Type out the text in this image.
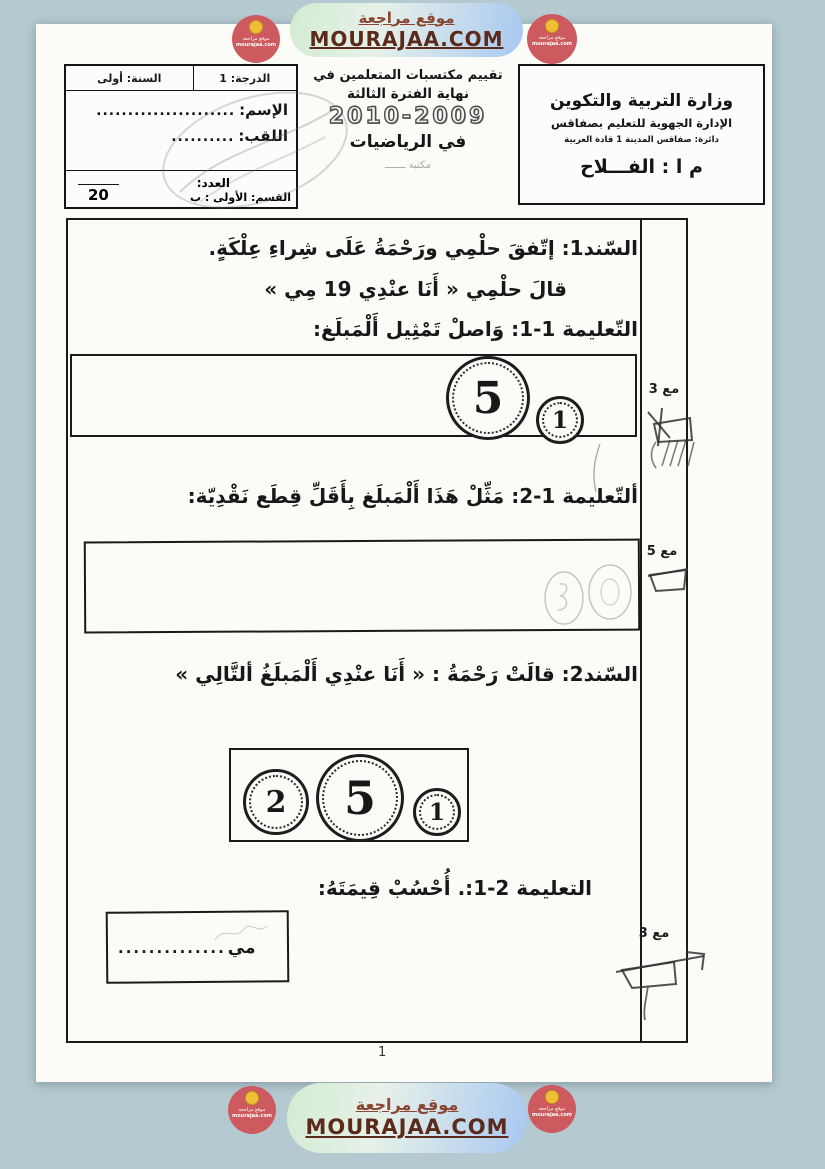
موقع مراجعة
MOURAJAA.COM
موقع مراجعة
mourajaa.com
موقع مراجعة
mourajaa.com
الدرجة: 1
السنة: أولى
الإسم:
......................
اللقب:
..........
العدد:
20	القسم: الأولى : ب
تقييم مكتسبات المتعلمين في
نهاية الفترة الثالثة
2010-2009
في الرياضيات
مكتبة ـــــــ
وزارة التربية والتكوين
الإدارة الجهوية للتعليم بصفاقس
دائرة: صفاقس المدينة 1 قادة العربية
م ا : الفـــلاح
السّند1: إتّفقَ حلْمِي ورَحْمَةُ عَلَى شِراءِ عِلْكَةٍ.
قالَ حلْمِي « أَنَا عنْدِي 19 مِي »
التّعليمة 1-1: وَاصلْ تَمْثِيل أَلْمَبلَغ:
5 1
مع 3
ألتّعليمة 1-2: مَثِّلْ هَذَا أَلْمَبلَغ بِأَقَلِّ قِطَع نَقْدِيّة:
مع 5
السّند2: قالَتْ رَحْمَةُ : « أَنَا عنْدِي أَلْمَبلَغُ ألتَّالِي »
2 5 1
التعليمة 2-1:. أُحْسُبْ قِيمَتَهُ:
مي
..............
مع 3
1
موقع مراجعة
MOURAJAA.COM
موقع مراجعة
mourajaa.com
موقع مراجعة
mourajaa.com
